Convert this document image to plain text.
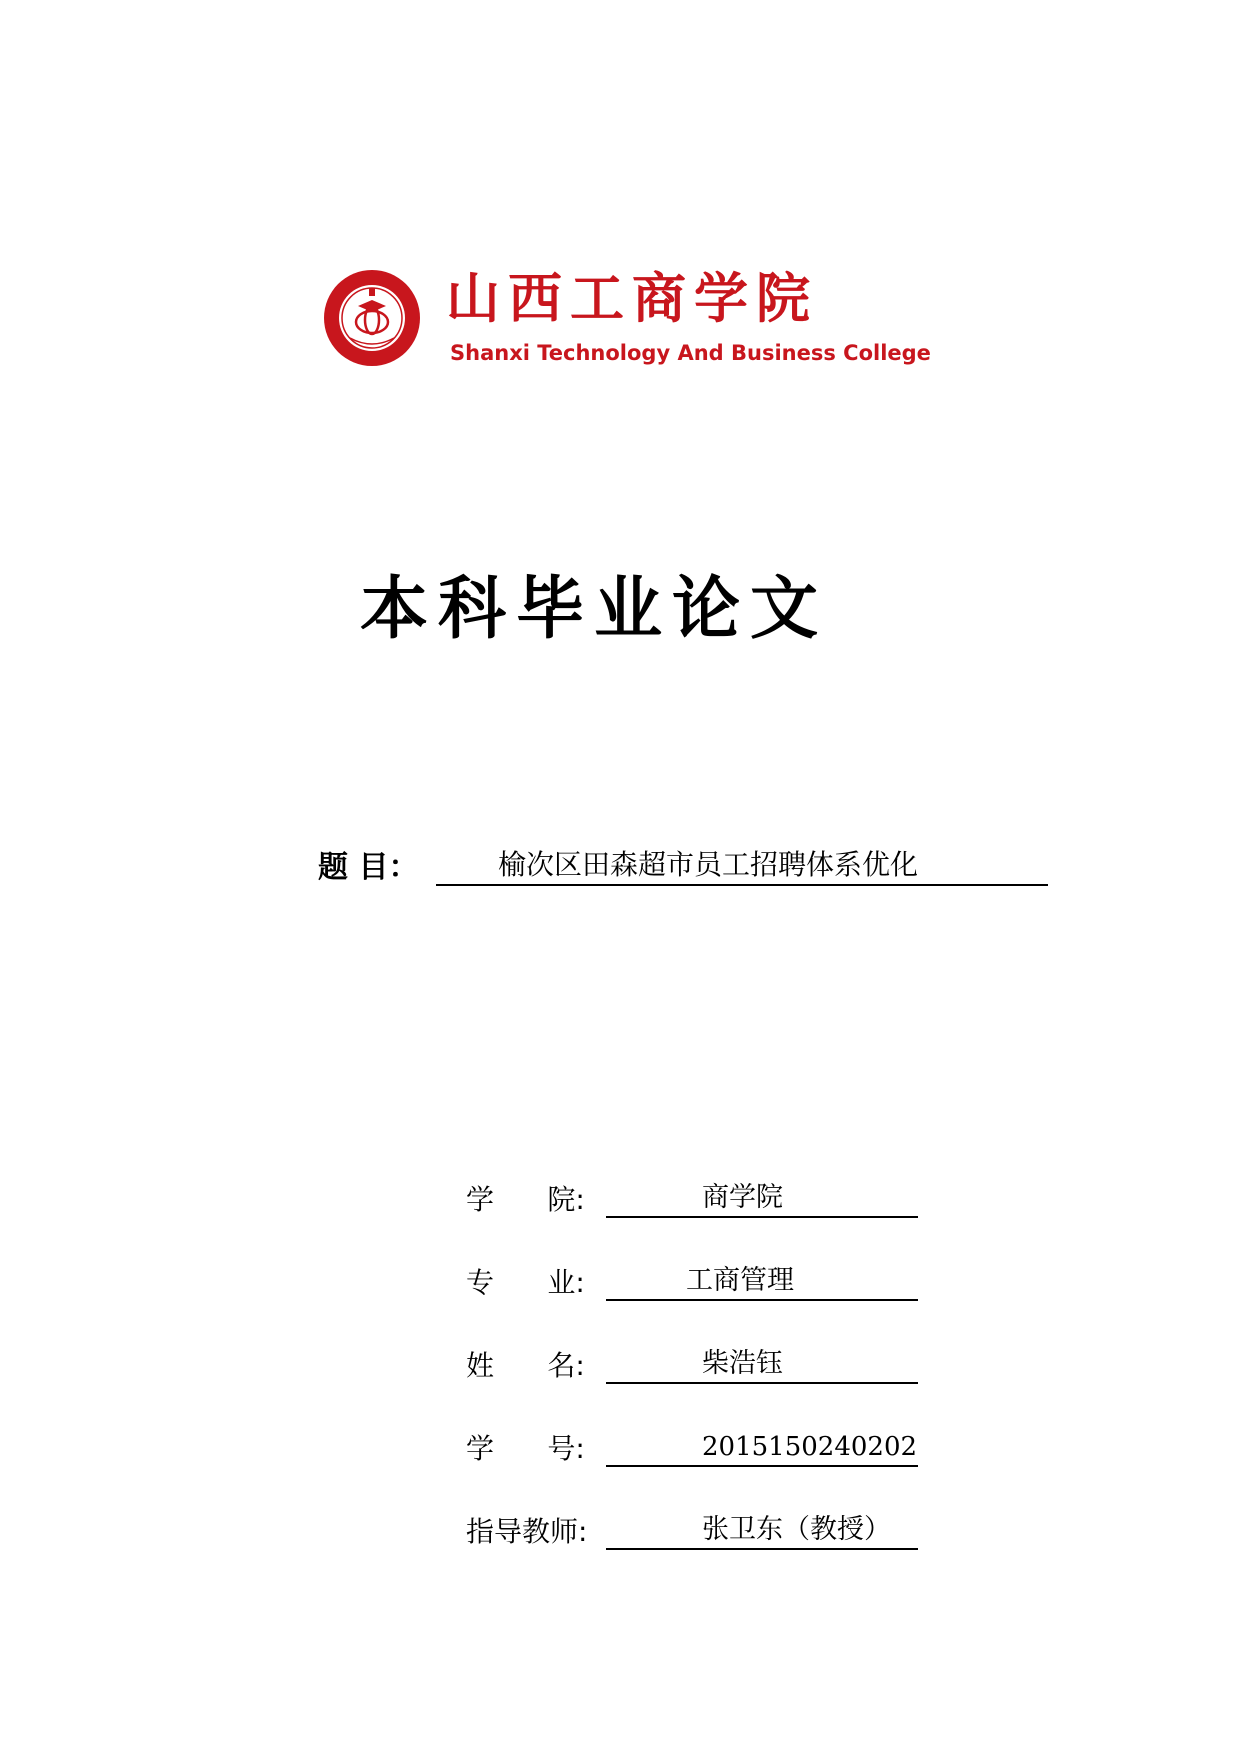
山西工商学院
Shanxi Technology And Business College
本科毕业论文
题 目：	榆次区田森超市员工招聘体系优化
学      院:	商学院
专      业:	工商管理
姓      名:	柴浩钰
学      号:	2015150240202
指导教师:	张卫东（教授）
